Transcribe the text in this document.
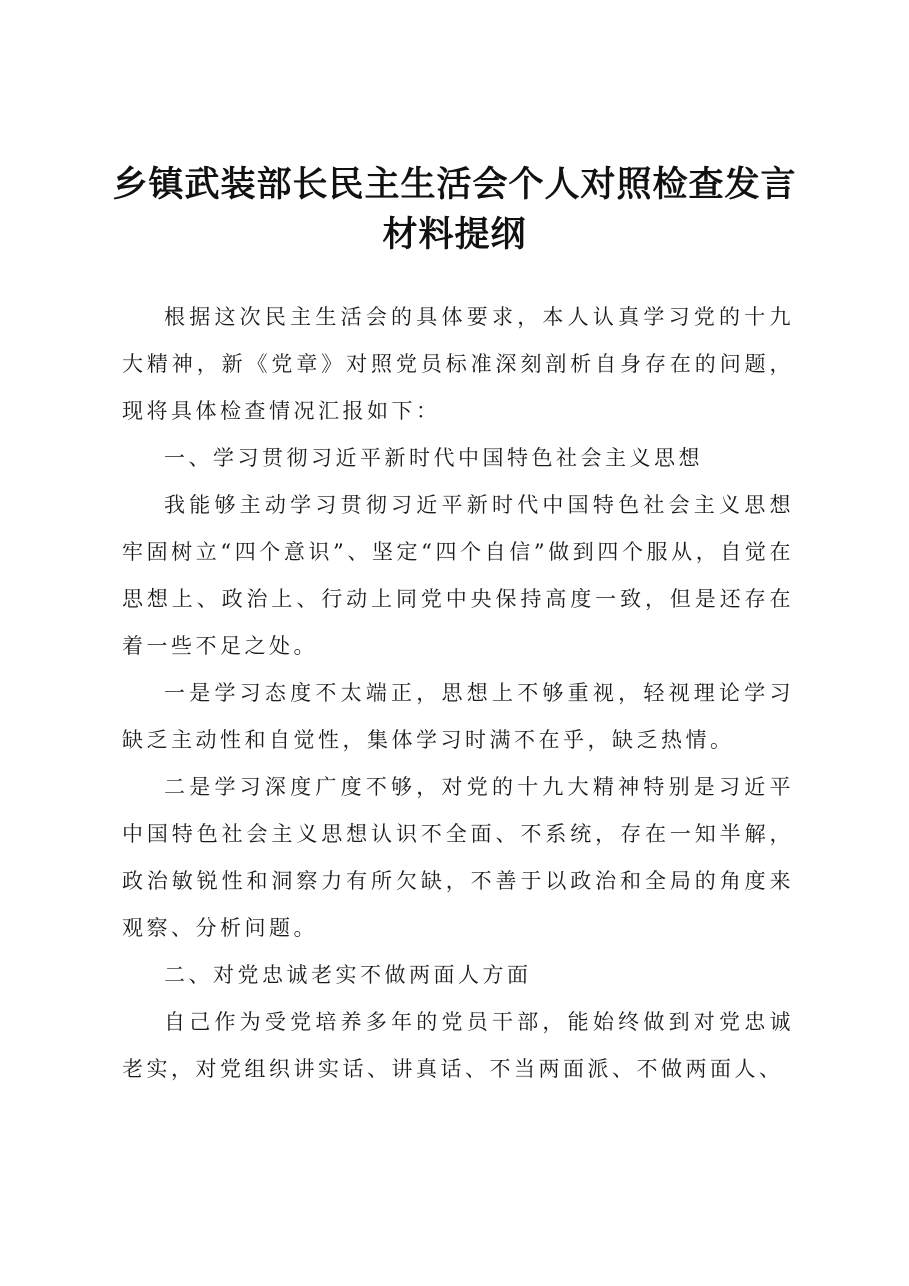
乡镇武装部长民主生活会个人对照检查发言材料提纲

根据这次民主生活会的具体要求，本人认真学习党的十九大精神，新《党章》对照党员标准深刻剖析自身存在的问题，现将具体检查情况汇报如下：

一、学习贯彻习近平新时代中国特色社会主义思想

我能够主动学习贯彻习近平新时代中国特色社会主义思想牢固树立“四个意识”、坚定“四个自信”做到四个服从，自觉在思想上、政治上、行动上同党中央保持高度一致，但是还存在着一些不足之处。

一是学习态度不太端正，思想上不够重视，轻视理论学习缺乏主动性和自觉性，集体学习时满不在乎，缺乏热情。

二是学习深度广度不够，对党的十九大精神特别是习近平中国特色社会主义思想认识不全面、不系统，存在一知半解，政治敏锐性和洞察力有所欠缺，不善于以政治和全局的角度来观察、分析问题。

二、对党忠诚老实不做两面人方面

自己作为受党培养多年的党员干部，能始终做到对党忠诚老实，对党组织讲实话、讲真话、不当两面派、不做两面人、
